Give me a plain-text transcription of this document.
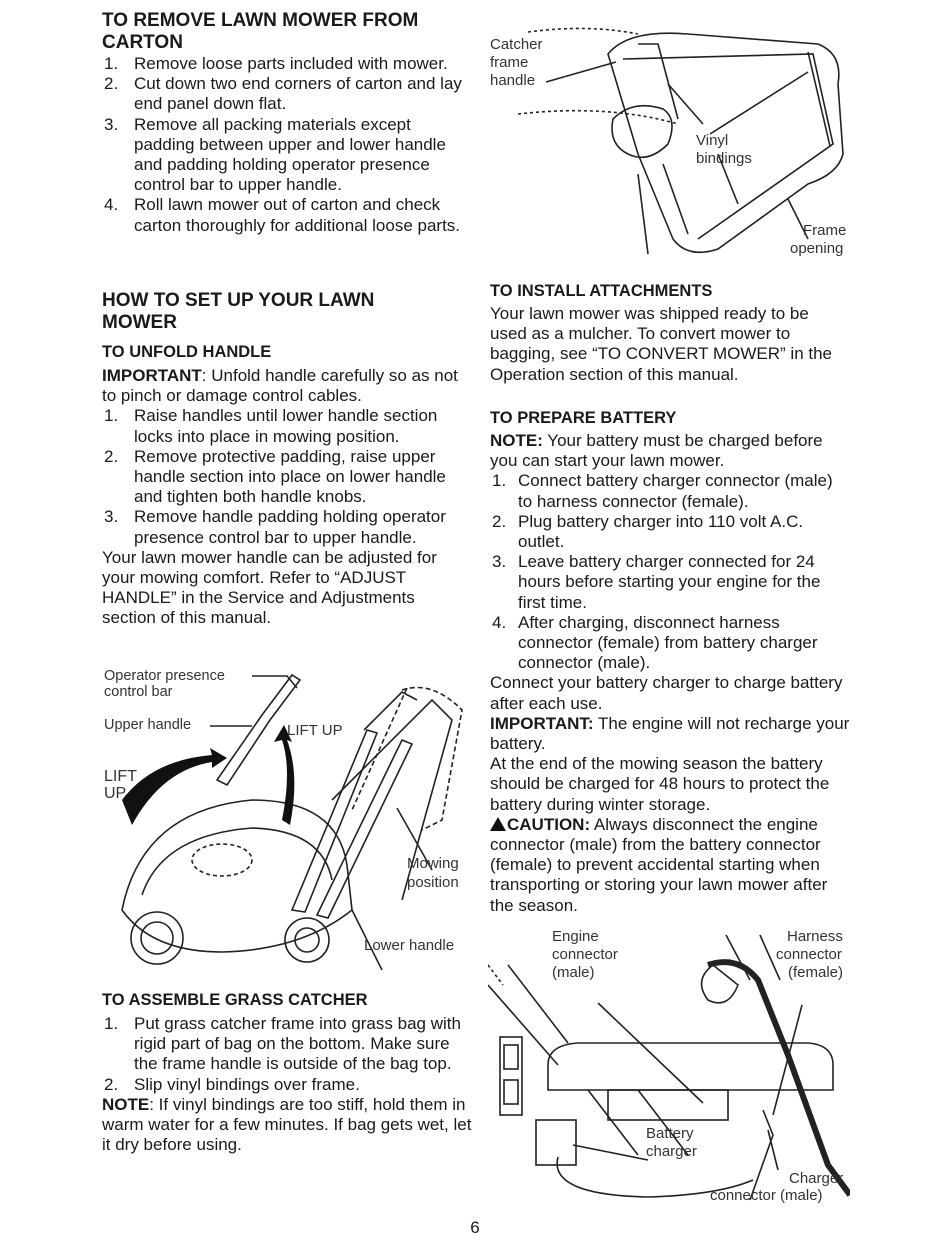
TO REMOVE LAWN MOWER FROM CARTON
1. Remove loose parts included with mower.
2. Cut down two end corners of carton and lay end panel down flat.
3. Remove all packing materials except padding between upper and lower handle and padding holding operator presence control bar to upper handle.
4. Roll lawn mower out of carton and check carton thoroughly for additional loose parts.
HOW TO SET UP YOUR LAWN MOWER
TO UNFOLD HANDLE

IMPORTANT: Unfold handle carefully so as not to pinch or damage control cables.

1. Raise handles until lower handle section locks into place in mowing position.
2. Remove protective padding, raise upper handle section into place on lower handle and tighten both handle knobs.
3. Remove handle padding holding operator presence control bar to upper handle.

Your lawn mower handle can be adjusted for your mowing comfort. Refer to “ADJUST HANDLE” in the Service and Adjustments section of this manual.

Operator presence
control bar
Upper handle	LIFT UP
LIFT
UP
Mowing
position
Lower handle
TO ASSEMBLE GRASS CATCHER
1. Put grass catcher frame into grass bag with rigid part of bag on the bottom. Make sure the frame handle is outside of the bag top.
2. Slip vinyl bindings over frame.

NOTE: If vinyl bindings are too stiff, hold them in warm water for a few minutes. If bag gets wet, let it dry before using.

Catcher
frame
handle
Vinyl
bindings
Frame
opening
TO INSTALL ATTACHMENTS

Your lawn mower was shipped ready to be used as a mulcher. To convert mower to bagging, see “TO CONVERT MOWER” in the Operation section of this manual.

TO PREPARE BATTERY

NOTE: Your battery must be charged before you can start your lawn mower.

1. Connect battery charger connector (male) to harness connector (female).
2. Plug battery charger into 110 volt A.C. outlet.
3. Leave battery charger connected for 24 hours before starting your engine for the first time.
4. After charging, disconnect harness connector (female) from battery charger connector (male).

Connect your battery charger to charge battery after each use.

IMPORTANT: The engine will not recharge your battery.

At the end of the mowing season the battery should be charged for 48 hours to protect the battery during winter storage.

CAUTION: Always disconnect the engine connector (male) from the battery connector (female) to prevent accidental starting when transporting or storing your lawn mower after the season.

Engine
connector
(male)
Harness
connector
(female)
Battery
charger
Charger
connector (male)
6
